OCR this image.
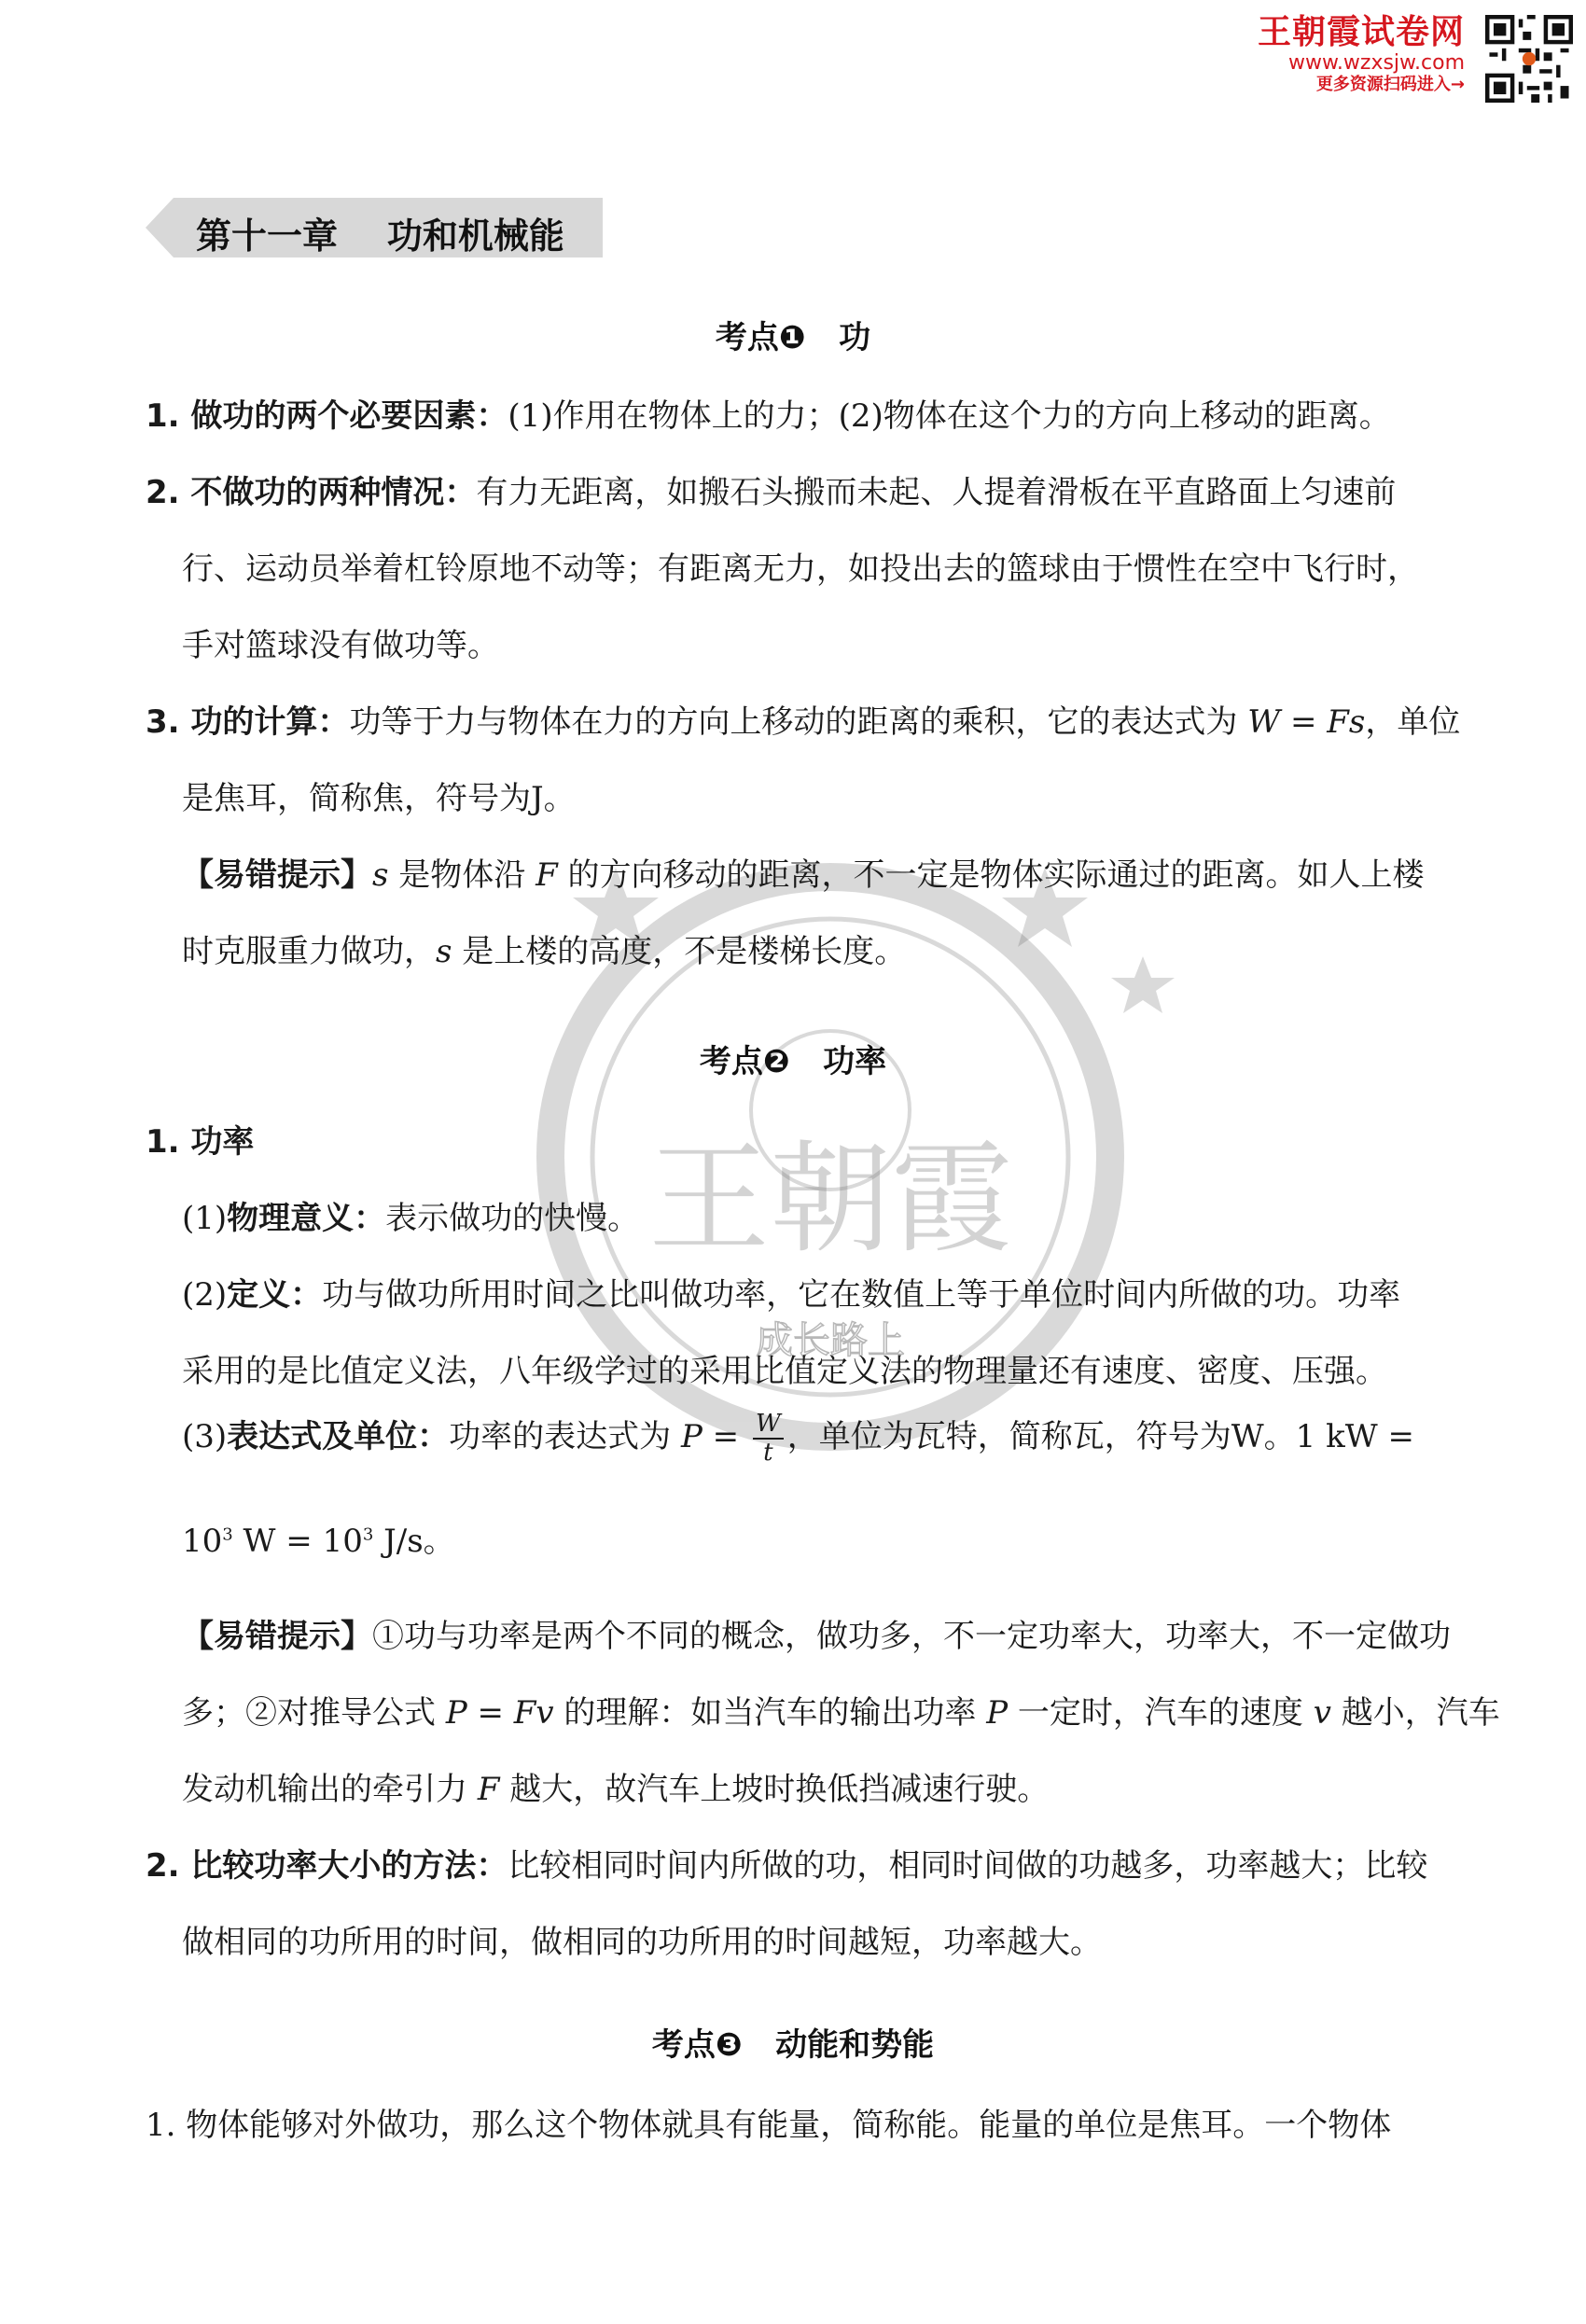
王朝霞试卷网
www.wzxsjw.com
更多资源扫码进入→
王朝霞
成长路上
第十一章    功和机械能
考点❶   功
1. 做功的两个必要因素：(1)作用在物体上的力；(2)物体在这个力的方向上移动的距离。
2. 不做功的两种情况：有力无距离，如搬石头搬而未起、人提着滑板在平直路面上匀速前
行、运动员举着杠铃原地不动等；有距离无力，如投出去的篮球由于惯性在空中飞行时，
手对篮球没有做功等。
3. 功的计算：功等于力与物体在力的方向上移动的距离的乘积，它的表达式为 W = Fs，单位
是焦耳，简称焦，符号为J。
【易错提示】s 是物体沿 F 的方向移动的距离，不一定是物体实际通过的距离。如人上楼
时克服重力做功，s 是上楼的高度，不是楼梯长度。
考点❷   功率
1. 功率
(1)物理意义：表示做功的快慢。
(2)定义：功与做功所用时间之比叫做功率，它在数值上等于单位时间内所做的功。功率
采用的是比值定义法，八年级学过的采用比值定义法的物理量还有速度、密度、压强。
(3)表达式及单位：功率的表达式为 $P = \frac{W}{t}$ ，单位为瓦特，简称瓦，符号为W。1 kW =
$10^3$ $W = 10^3$ J/s。
【易错提示】①功与功率是两个不同的概念，做功多，不一定功率大，功率大，不一定做功
多；②对推导公式 P = Fv 的理解：如当汽车的输出功率 P 一定时，汽车的速度 v 越小，汽车
发动机输出的牵引力 F 越大，故汽车上坡时换低挡减速行驶。
2. 比较功率大小的方法：比较相同时间内所做的功，相同时间做的功越多，功率越大；比较
做相同的功所用的时间，做相同的功所用的时间越短，功率越大。
考点❸   动能和势能
1. 物体能够对外做功，那么这个物体就具有能量，简称能。能量的单位是焦耳。一个物体
